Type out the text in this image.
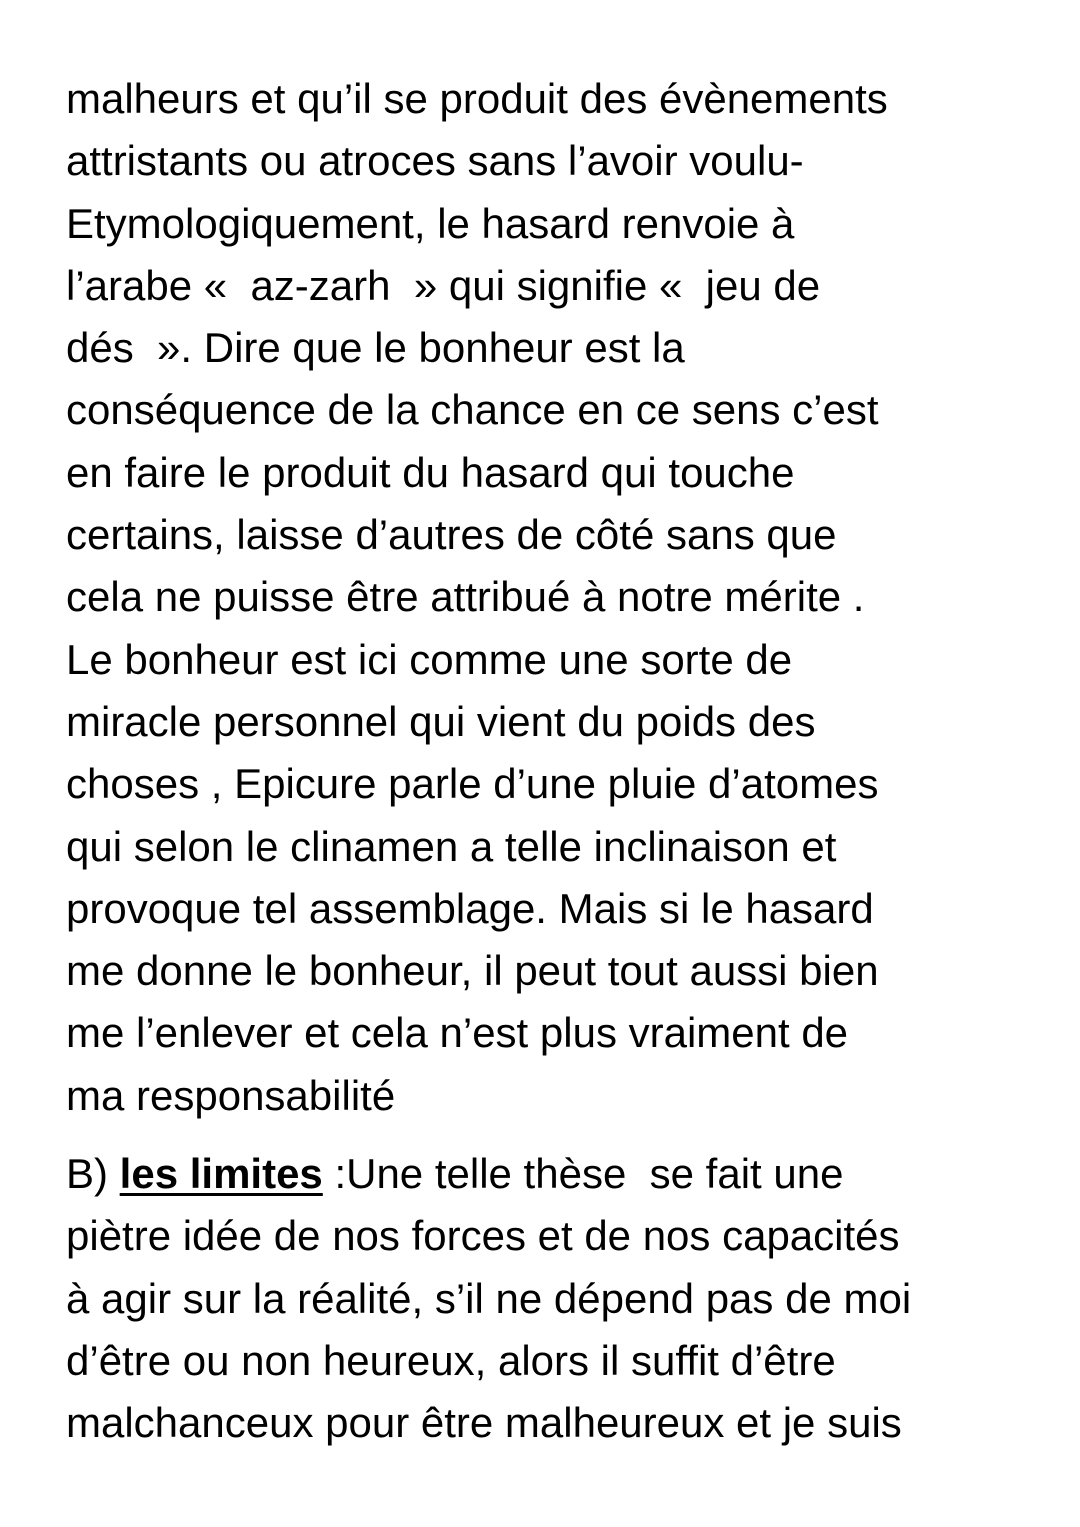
malheurs et qu’il se produit des évènements
attristants ou atroces sans l’avoir voulu-
Etymologiquement, le hasard renvoie à
l’arabe «  az-zarh  » qui signifie «  jeu de
dés  ». Dire que le bonheur est la
conséquence de la chance en ce sens c’est
en faire le produit du hasard qui touche
certains, laisse d’autres de côté sans que
cela ne puisse être attribué à notre mérite .
Le bonheur est ici comme une sorte de
miracle personnel qui vient du poids des
choses , Epicure parle d’une pluie d’atomes
qui selon le clinamen a telle inclinaison et
provoque tel assemblage. Mais si le hasard
me donne le bonheur, il peut tout aussi bien
me l’enlever et cela n’est plus vraiment de
ma responsabilité
B) les limites :Une telle thèse  se fait une
piètre idée de nos forces et de nos capacités
à agir sur la réalité, s’il ne dépend pas de moi
d’être ou non heureux, alors il suffit d’être
malchanceux pour être malheureux et je suis
